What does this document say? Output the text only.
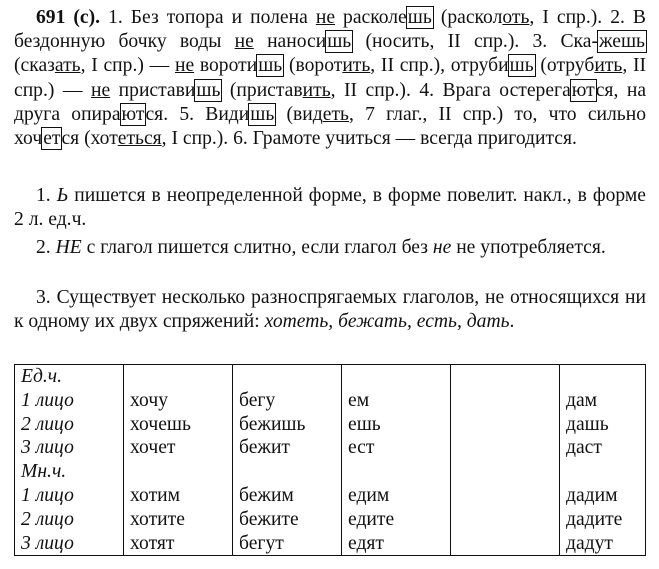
691 (с). 1. Без топора и полена не расколешь (расколоть, I спр.). 2. В бездонную бочку воды не наносишь (носить, II спр.). 3. Ска-жешь (сказать, I спр.) — не воротишь (воротить, II спр.), отрубишь (отрубить, II спр.) — не приставишь (приставить, II спр.). 4. Врага остерегаются, на друга опираются. 5. Видишь (видеть, 7 глаг., II спр.) то, что сильно хочется (хотеться, I спр.). 6. Грамоте учиться — всегда пригодится.

1. Ь пишется в неопределенной форме, в форме повелит. накл., в форме 2 л. ед.ч.

2. НЕ с глагол пишется слитно, если глагол без не не употребляется.

3. Существует несколько разноспрягаемых глаголов, не относящихся ни к одному их двух спряжений: хотеть, бежать, есть, дать.

Ед.ч.					
1 лицо	хочу	бегу	ем		дам
2 лицо	хочешь	бежишь	ешь		дашь
3 лицо	хочет	бежит	ест		даст
Мн.ч.					
1 лицо	хотим	бежим	едим		дадим
2 лицо	хотите	бежите	едите		дадите
3 лицо	хотят	бегут	едят		дадут
